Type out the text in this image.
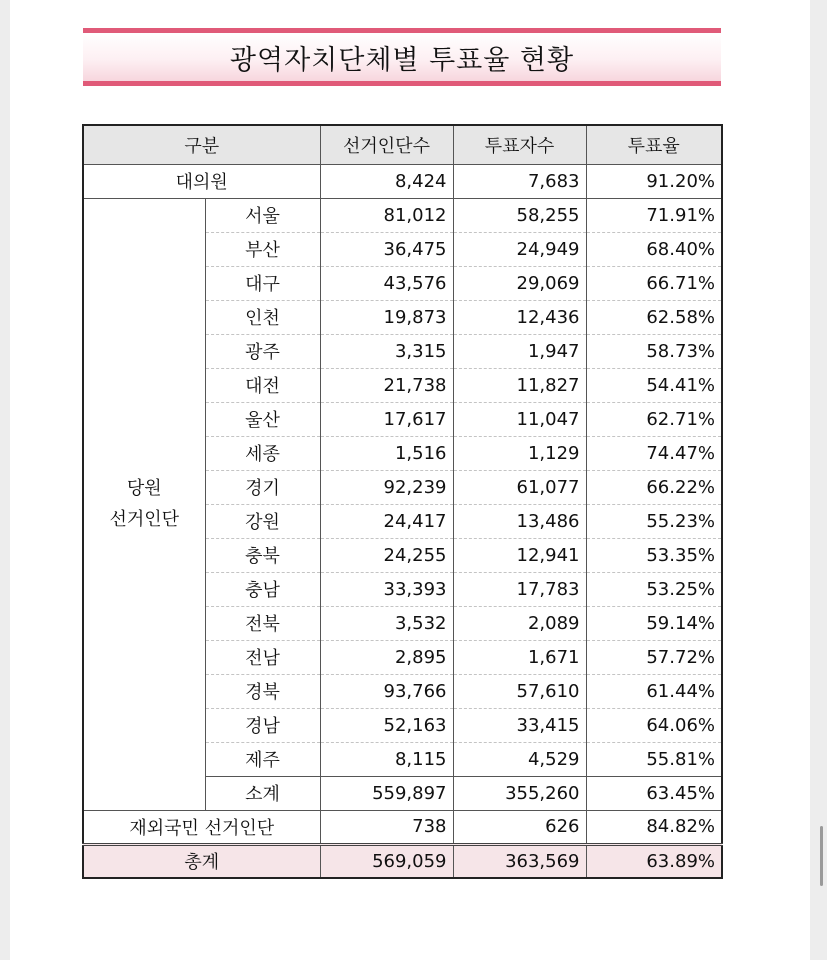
광역자치단체별 투표율 현황
구분		선거인단수	투표자수	투표율
대의원		8,424	7,683	91.20%

당원
선거인단	서울	81,012	58,255	71.91%
	부산	36,475	24,949	68.40%
	대구	43,576	29,069	66.71%
	인천	19,873	12,436	62.58%
	광주	3,315	1,947	58.73%
	대전	21,738	11,827	54.41%
	울산	17,617	11,047	62.71%
	세종	1,516	1,129	74.47%
	경기	92,239	61,077	66.22%
	강원	24,417	13,486	55.23%
	충북	24,255	12,941	53.35%
	충남	33,393	17,783	53.25%
	전북	3,532	2,089	59.14%
	전남	2,895	1,671	57.72%
	경북	93,766	57,610	61.44%
	경남	52,163	33,415	64.06%
	제주	8,115	4,529	55.81%
	소계	559,897	355,260	63.45%
재외국민 선거인단		738	626	84.82%
총계		569,059	363,569	63.89%
